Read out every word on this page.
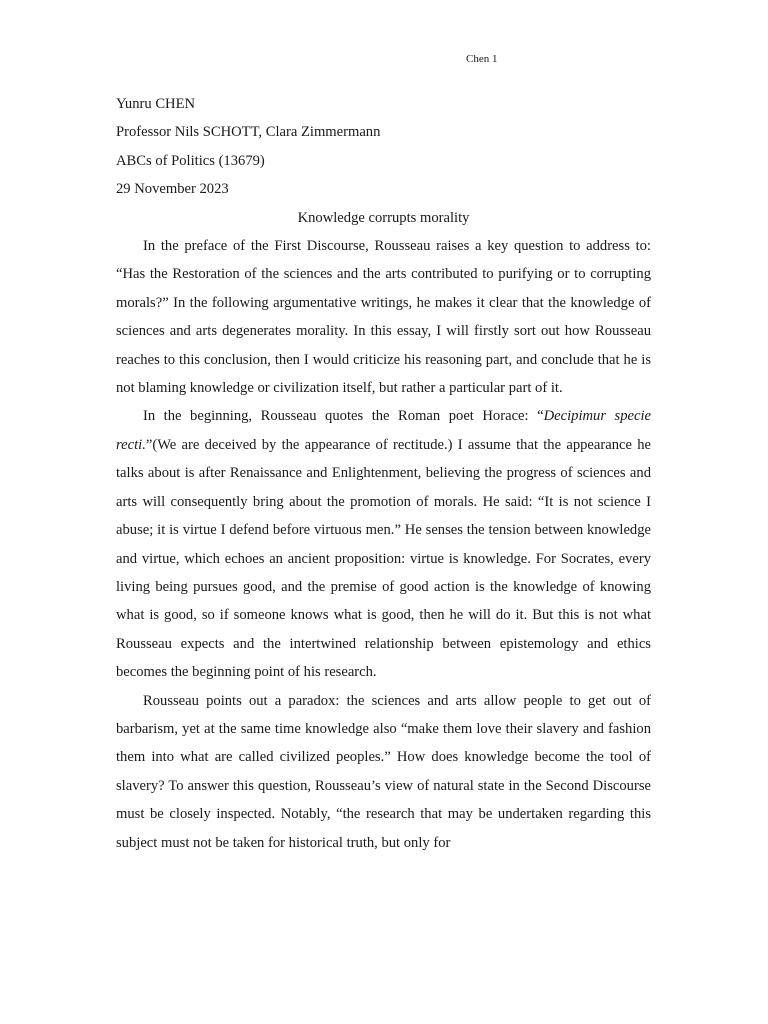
Chen 1

Yunru CHEN

Professor Nils SCHOTT, Clara Zimmermann

ABCs of Politics (13679)

29 November 2023

Knowledge corrupts morality

In the preface of the First Discourse, Rousseau raises a key question to address to: “Has the Restoration of the sciences and the arts contributed to purifying or to corrupting morals?” In the following argumentative writings, he makes it clear that the knowledge of sciences and arts degenerates morality. In this essay, I will firstly sort out how Rousseau reaches to this conclusion, then I would criticize his reasoning part, and conclude that he is not blaming knowledge or civilization itself, but rather a particular part of it.

In the beginning, Rousseau quotes the Roman poet Horace: “Decipimur specie recti.”(We are deceived by the appearance of rectitude.) I assume that the appearance he talks about is after Renaissance and Enlightenment, believing the progress of sciences and arts will consequently bring about the promotion of morals. He said: “It is not science I abuse; it is virtue I defend before virtuous men.” He senses the tension between knowledge and virtue, which echoes an ancient proposition: virtue is knowledge. For Socrates, every living being pursues good, and the premise of good action is the knowledge of knowing what is good, so if someone knows what is good, then he will do it. But this is not what Rousseau expects and the intertwined relationship between epistemology and ethics becomes the beginning point of his research.

Rousseau points out a paradox: the sciences and arts allow people to get out of barbarism, yet at the same time knowledge also “make them love their slavery and fashion them into what are called civilized peoples.” How does knowledge become the tool of slavery? To answer this question, Rousseau’s view of natural state in the Second Discourse must be closely inspected. Notably, “the research that may be undertaken regarding this subject must not be taken for historical truth, but only for
